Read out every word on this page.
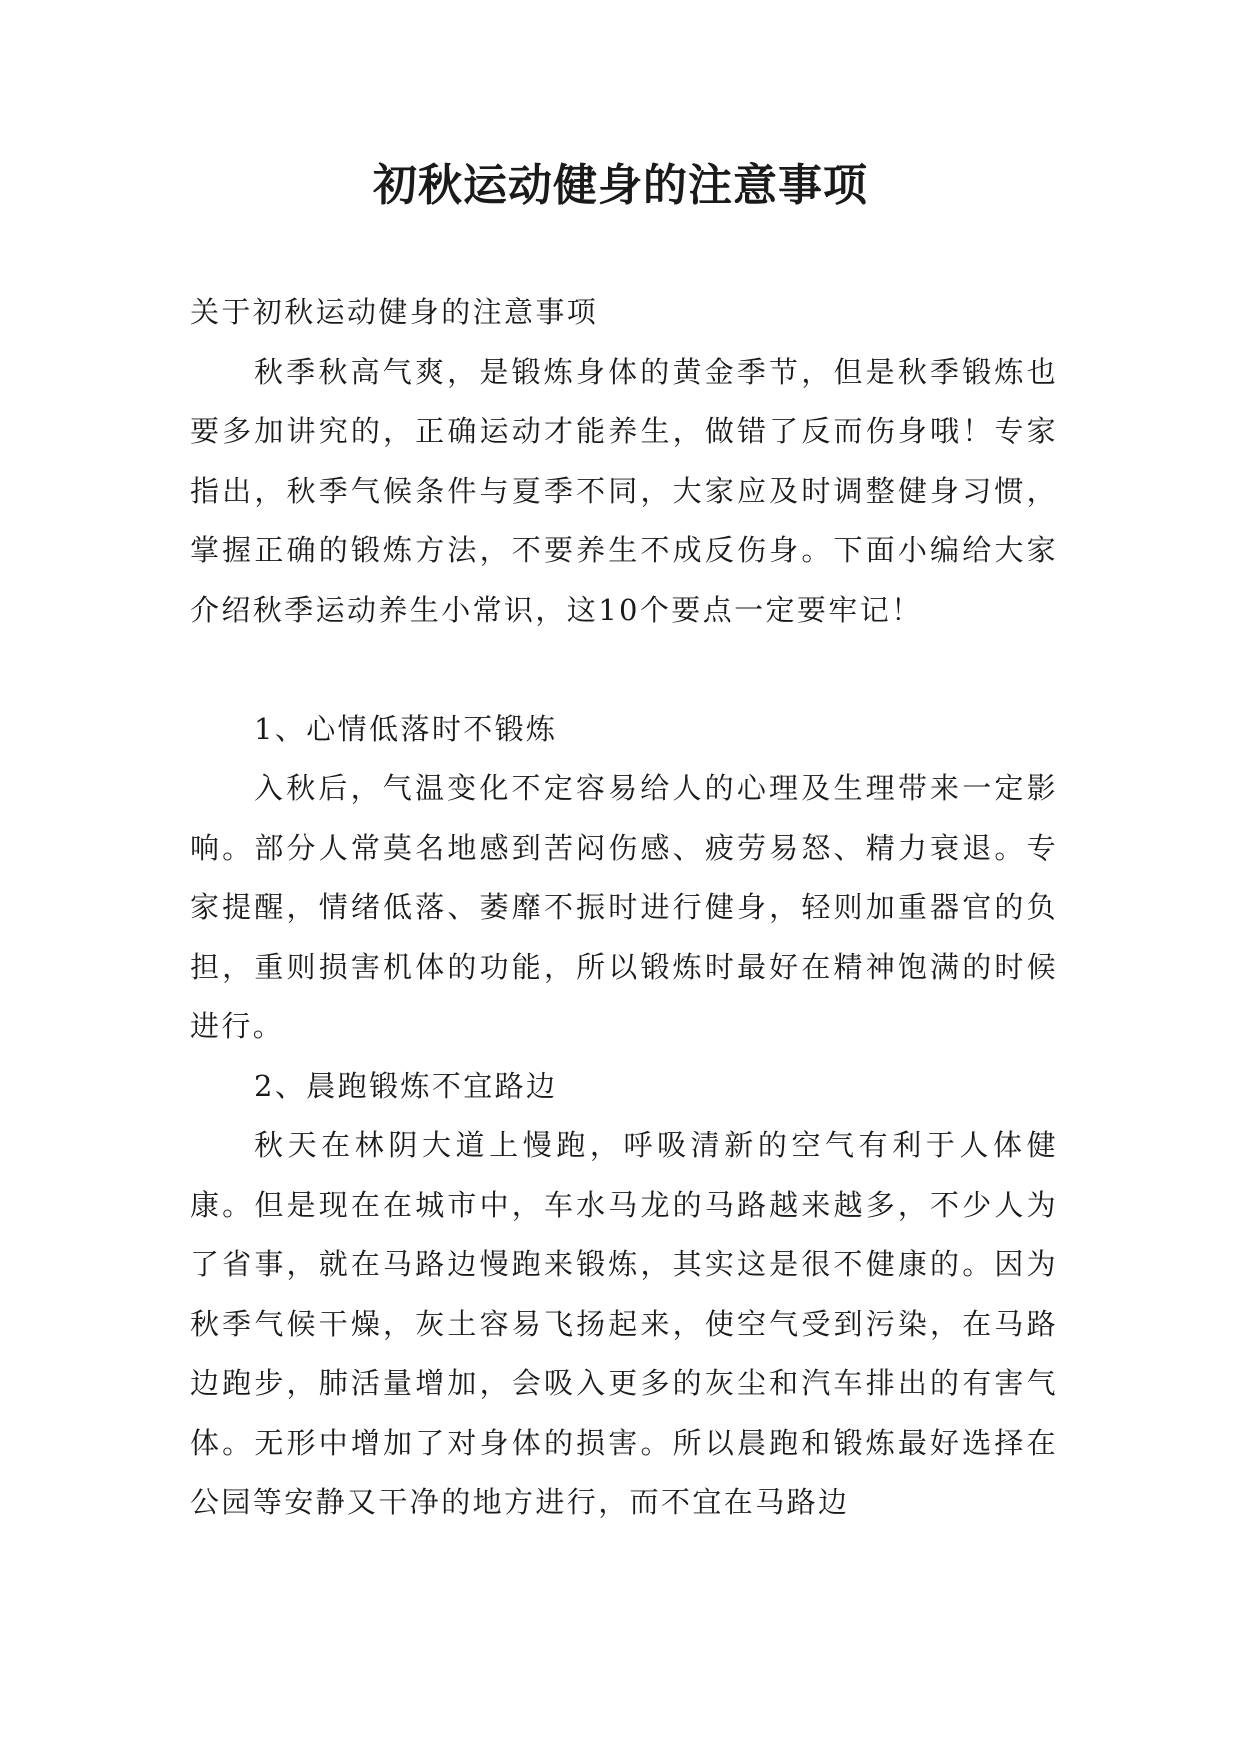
初秋运动健身的注意事项

关于初秋运动健身的注意事项

秋季秋高气爽，是锻炼身体的黄金季节，但是秋季锻炼也要多加讲究的，正确运动才能养生，做错了反而伤身哦！专家指出，秋季气候条件与夏季不同，大家应及时调整健身习惯，掌握正确的锻炼方法，不要养生不成反伤身。下面小编给大家介绍秋季运动养生小常识，这10个要点一定要牢记！

1、心情低落时不锻炼

入秋后，气温变化不定容易给人的心理及生理带来一定影响。部分人常莫名地感到苦闷伤感、疲劳易怒、精力衰退。专家提醒，情绪低落、萎靡不振时进行健身，轻则加重器官的负担，重则损害机体的功能，所以锻炼时最好在精神饱满的时候进行。

2、晨跑锻炼不宜路边

秋天在林阴大道上慢跑，呼吸清新的空气有利于人体健康。但是现在在城市中，车水马龙的马路越来越多，不少人为了省事，就在马路边慢跑来锻炼，其实这是很不健康的。因为秋季气候干燥，灰土容易飞扬起来，使空气受到污染，在马路边跑步，肺活量增加，会吸入更多的灰尘和汽车排出的有害气体。无形中增加了对身体的损害。所以晨跑和锻炼最好选择在公园等安静又干净的地方进行，而不宜在马路边
